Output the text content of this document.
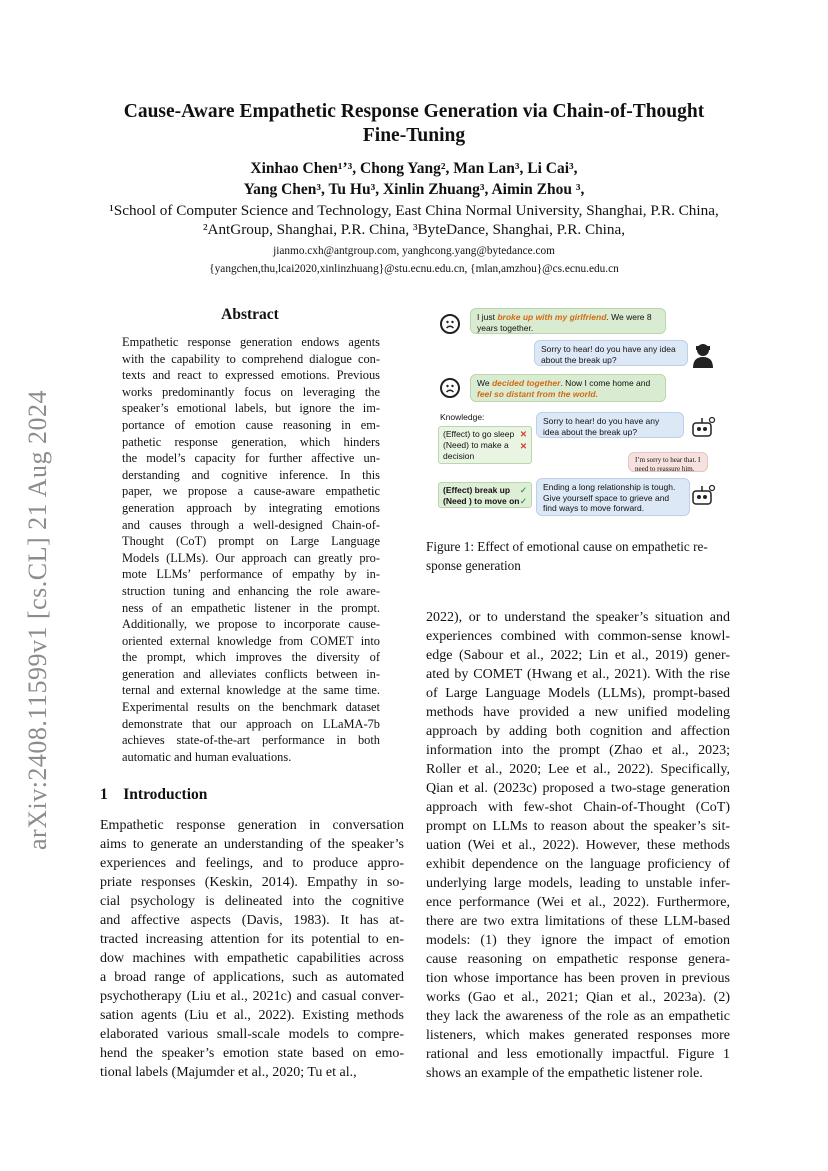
arXiv:2408.11599v1 [cs.CL] 21 Aug 2024
Cause-Aware Empathetic Response Generation via Chain-of-Thought
Fine-Tuning
Xinhao Chen¹ʼ³, Chong Yang², Man Lan³, Li Cai³,
Yang Chen³, Tu Hu³, Xinlin Zhuang³, Aimin Zhou ³,
¹School of Computer Science and Technology, East China Normal University, Shanghai, P.R. China,
²AntGroup, Shanghai, P.R. China, ³ByteDance, Shanghai, P.R. China,
jianmo.cxh@antgroup.com, yanghcong.yang@bytedance.com
{yangchen,thu,lcai2020,xinlinzhuang}@stu.ecnu.edu.cn, {mlan,amzhou}@cs.ecnu.edu.cn
Abstract
Empathetic response generation endows agents
with the capability to comprehend dialogue con-
texts and react to expressed emotions. Previous
works predominantly focus on leveraging the
speaker’s emotional labels, but ignore the im-
portance of emotion cause reasoning in em-
pathetic response generation, which hinders
the model’s capacity for further affective un-
derstanding and cognitive inference. In this
paper, we propose a cause-aware empathetic
generation approach by integrating emotions
and causes through a well-designed Chain-of-
Thought (CoT) prompt on Large Language
Models (LLMs). Our approach can greatly pro-
mote LLMs’ performance of empathy by in-
struction tuning and enhancing the role aware-
ness of an empathetic listener in the prompt.
Additionally, we propose to incorporate cause-
oriented external knowledge from COMET into
the prompt, which improves the diversity of
generation and alleviates conflicts between in-
ternal and external knowledge at the same time.
Experimental results on the benchmark dataset
demonstrate that our approach on LLaMA-7b
achieves state-of-the-art performance in both
automatic and human evaluations.
1 Introduction
Empathetic response generation in conversation
aims to generate an understanding of the speaker’s
experiences and feelings, and to produce appro-
priate responses (Keskin, 2014). Empathy in so-
cial psychology is delineated into the cognitive
and affective aspects (Davis, 1983). It has at-
tracted increasing attention for its potential to en-
dow machines with empathetic capabilities across
a broad range of applications, such as automated
psychotherapy (Liu et al., 2021c) and casual conver-
sation agents (Liu et al., 2022). Existing methods
elaborated various small-scale models to compre-
hend the speaker’s emotion state based on emo-
tional labels (Majumder et al., 2020; Tu et al.,
2022), or to understand the speaker’s situation and
experiences combined with common-sense knowl-
edge (Sabour et al., 2022; Lin et al., 2019) gener-
ated by COMET (Hwang et al., 2021). With the rise
of Large Language Models (LLMs), prompt-based
methods have provided a new unified modeling
approach by adding both cognition and affection
information into the prompt (Zhao et al., 2023;
Roller et al., 2020; Lee et al., 2022). Specifically,
Qian et al. (2023c) proposed a two-stage generation
approach with few-shot Chain-of-Thought (CoT)
prompt on LLMs to reason about the speaker’s sit-
uation (Wei et al., 2022). However, these methods
exhibit dependence on the language proficiency of
underlying large models, leading to unstable infer-
ence performance (Wei et al., 2022). Furthermore,
there are two extra limitations of these LLM-based
models: (1) they ignore the impact of emotion
cause reasoning on empathetic response genera-
tion whose importance has been proven in previous
works (Gao et al., 2021; Qian et al., 2023a). (2)
they lack the awareness of the role as an empathetic
listeners, which makes generated responses more
rational and less emotionally impactful. Figure 1
shows an example of the empathetic listener role.
I just broke up with my girlfriend. We were 8 years together.
Sorry to hear! do you have any idea about the break up?
We decided together. Now I come home and feel so distant from the world.
Knowledge:
(Effect) to go sleep ✕
(Need) to make a decision
✕
Sorry to hear! do you have any idea about the break up?
I’m sorry to hear that. I need to reassure him.
(Effect) break up ✓
(Need ) to move on ✓
Ending a long relationship is tough. Give yourself space to grieve and find ways to move forward.
Figure 1: Effect of emotional cause on empathetic re-
sponse generation
